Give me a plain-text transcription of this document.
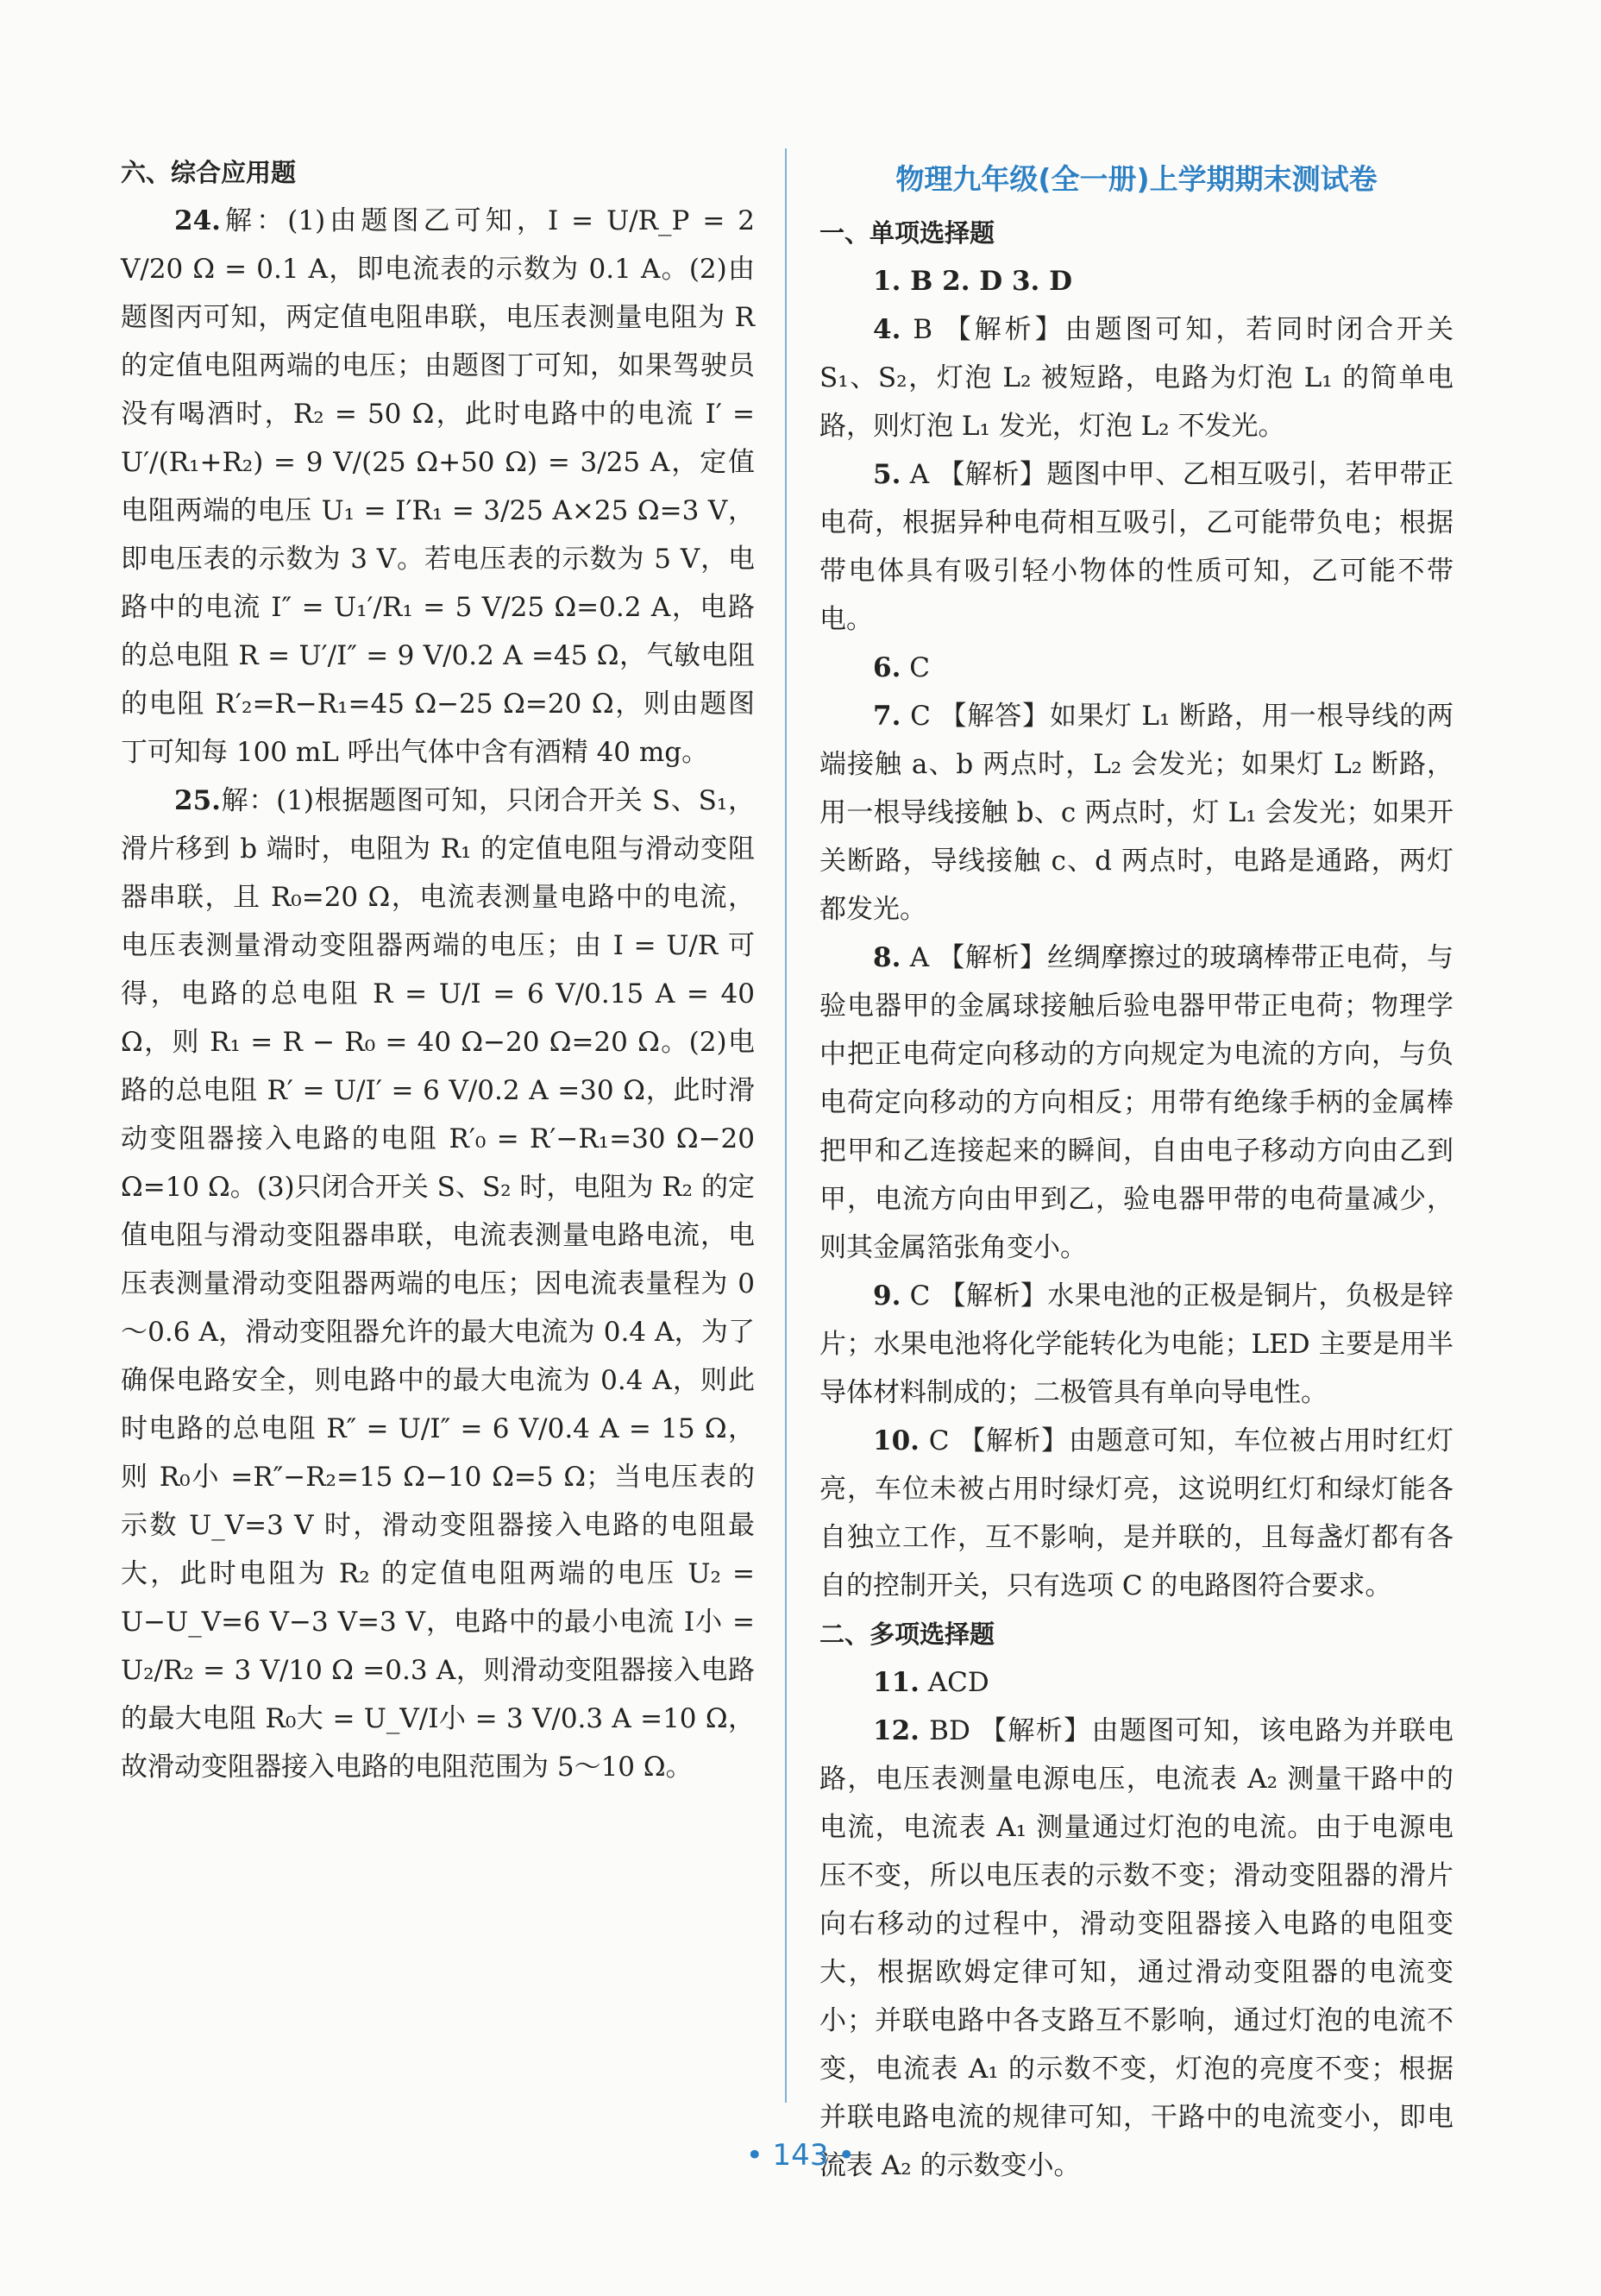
六、综合应用题

24.解：(1)由题图乙可知，I = U/R_P = 2 V/20 Ω = 0.1 A，即电流表的示数为 0.1 A。(2)由题图丙可知，两定值电阻串联，电压表测量电阻为 R 的定值电阻两端的电压；由题图丁可知，如果驾驶员没有喝酒时，R₂ = 50 Ω，此时电路中的电流 I′ = U′/(R₁+R₂) = 9 V/(25 Ω+50 Ω) = 3/25 A，定值电阻两端的电压 U₁ = I′R₁ = 3/25 A×25 Ω=3 V，即电压表的示数为 3 V。若电压表的示数为 5 V，电路中的电流 I″ = U₁′/R₁ = 5 V/25 Ω=0.2 A，电路的总电阻 R = U′/I″ = 9 V/0.2 A =45 Ω，气敏电阻的电阻 R′₂=R−R₁=45 Ω−25 Ω=20 Ω，则由题图丁可知每 100 mL 呼出气体中含有酒精 40 mg。

25.解：(1)根据题图可知，只闭合开关 S、S₁，滑片移到 b 端时，电阻为 R₁ 的定值电阻与滑动变阻器串联，且 R₀=20 Ω，电流表测量电路中的电流，电压表测量滑动变阻器两端的电压；由 I = U/R 可得，电路的总电阻 R = U/I = 6 V/0.15 A = 40 Ω，则 R₁ = R − R₀ = 40 Ω−20 Ω=20 Ω。(2)电路的总电阻 R′ = U/I′ = 6 V/0.2 A =30 Ω，此时滑动变阻器接入电路的电阻 R′₀ = R′−R₁=30 Ω−20 Ω=10 Ω。(3)只闭合开关 S、S₂ 时，电阻为 R₂ 的定值电阻与滑动变阻器串联，电流表测量电路电流，电压表测量滑动变阻器两端的电压；因电流表量程为 0～0.6 A，滑动变阻器允许的最大电流为 0.4 A，为了确保电路安全，则电路中的最大电流为 0.4 A，则此时电路的总电阻 R″ = U/I″ = 6 V/0.4 A = 15 Ω，则 R₀小 =R″−R₂=15 Ω−10 Ω=5 Ω；当电压表的示数 U_V=3 V 时，滑动变阻器接入电路的电阻最大，此时电阻为 R₂ 的定值电阻两端的电压 U₂ = U−U_V=6 V−3 V=3 V，电路中的最小电流 I小 = U₂/R₂ = 3 V/10 Ω =0.3 A，则滑动变阻器接入电路的最大电阻 R₀大 = U_V/I小 = 3 V/0.3 A =10 Ω，故滑动变阻器接入电路的电阻范围为 5～10 Ω。

物理九年级(全一册)上学期期末测试卷

一、单项选择题

1. B 2. D 3. D

4. B 【解析】由题图可知，若同时闭合开关 S₁、S₂，灯泡 L₂ 被短路，电路为灯泡 L₁ 的简单电路，则灯泡 L₁ 发光，灯泡 L₂ 不发光。

5. A 【解析】题图中甲、乙相互吸引，若甲带正电荷，根据异种电荷相互吸引，乙可能带负电；根据带电体具有吸引轻小物体的性质可知，乙可能不带电。

6. C

7. C 【解答】如果灯 L₁ 断路，用一根导线的两端接触 a、b 两点时，L₂ 会发光；如果灯 L₂ 断路，用一根导线接触 b、c 两点时，灯 L₁ 会发光；如果开关断路，导线接触 c、d 两点时，电路是通路，两灯都发光。

8. A 【解析】丝绸摩擦过的玻璃棒带正电荷，与验电器甲的金属球接触后验电器甲带正电荷；物理学中把正电荷定向移动的方向规定为电流的方向，与负电荷定向移动的方向相反；用带有绝缘手柄的金属棒把甲和乙连接起来的瞬间，自由电子移动方向由乙到甲，电流方向由甲到乙，验电器甲带的电荷量减少，则其金属箔张角变小。

9. C 【解析】水果电池的正极是铜片，负极是锌片；水果电池将化学能转化为电能；LED 主要是用半导体材料制成的；二极管具有单向导电性。

10. C 【解析】由题意可知，车位被占用时红灯亮，车位未被占用时绿灯亮，这说明红灯和绿灯能各自独立工作，互不影响，是并联的，且每盏灯都有各自的控制开关，只有选项 C 的电路图符合要求。

二、多项选择题

11. ACD

12. BD 【解析】由题图可知，该电路为并联电路，电压表测量电源电压，电流表 A₂ 测量干路中的电流，电流表 A₁ 测量通过灯泡的电流。由于电源电压不变，所以电压表的示数不变；滑动变阻器的滑片向右移动的过程中，滑动变阻器接入电路的电阻变大，根据欧姆定律可知，通过滑动变阻器的电流变小；并联电路中各支路互不影响，通过灯泡的电流不变，电流表 A₁ 的示数不变，灯泡的亮度不变；根据并联电路电流的规律可知，干路中的电流变小，即电流表 A₂ 的示数变小。

• 143 •
